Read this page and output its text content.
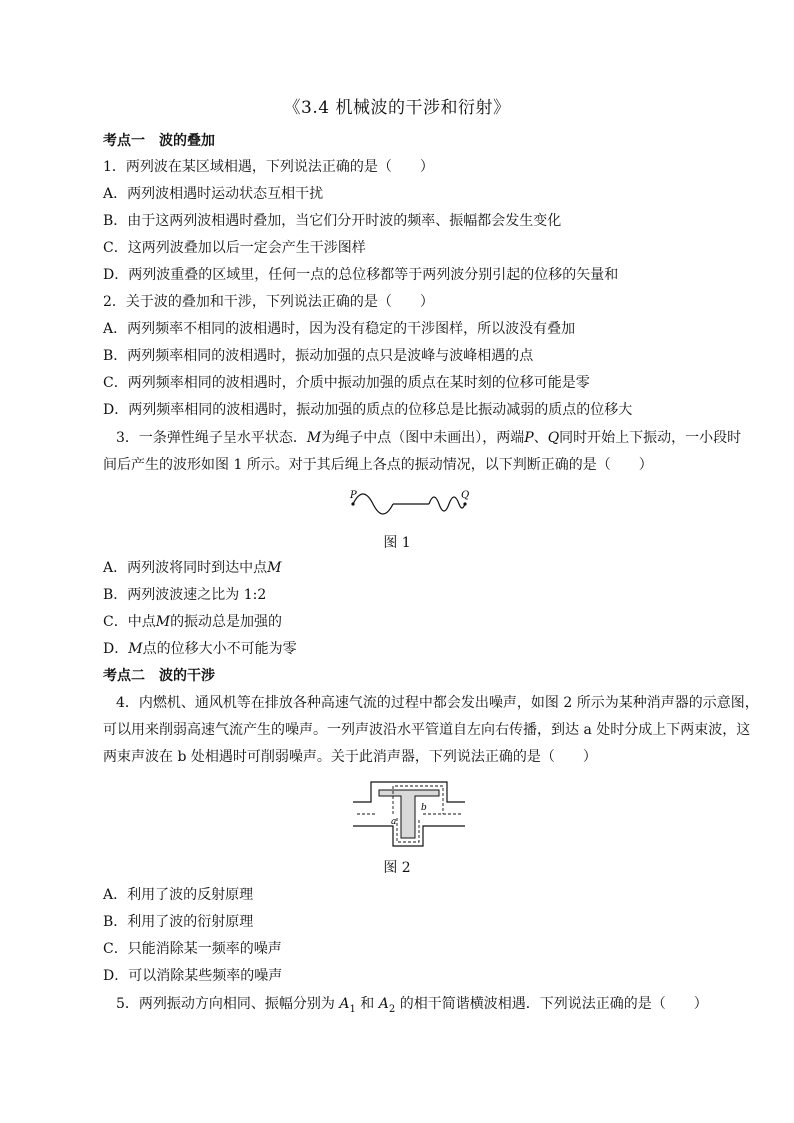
《3.4 机械波的干涉和衍射》
考点一　波的叠加
1．两列波在某区域相遇，下列说法正确的是（　　）
A．两列波相遇时运动状态互相干扰
B．由于这两列波相遇时叠加，当它们分开时波的频率、振幅都会发生变化
C．这两列波叠加以后一定会产生干涉图样
D．两列波重叠的区域里，任何一点的总位移都等于两列波分别引起的位移的矢量和
2．关于波的叠加和干涉，下列说法正确的是（　　）
A．两列频率不相同的波相遇时，因为没有稳定的干涉图样，所以波没有叠加
B．两列频率相同的波相遇时，振动加强的点只是波峰与波峰相遇的点
C．两列频率相同的波相遇时，介质中振动加强的质点在某时刻的位移可能是零
D．两列频率相同的波相遇时，振动加强的质点的位移总是比振动减弱的质点的位移大
3．一条弹性绳子呈水平状态．M为绳子中点（图中未画出），两端P、Q同时开始上下振动，一小段时
间后产生的波形如图 1 所示。对于其后绳上各点的振动情况，以下判断正确的是（　　）
P	Q
图 1
A．两列波将同时到达中点M
B．两列波波速之比为 1:2
C．中点M的振动总是加强的
D．M点的位移大小不可能为零
考点二　波的干涉
4．内燃机、通风机等在排放各种高速气流的过程中都会发出噪声，如图 2 所示为某种消声器的示意图，
可以用来削弱高速气流产生的噪声。一列声波沿水平管道自左向右传播，到达 a 处时分成上下两束波，这
两束声波在 b 处相遇时可削弱噪声。关于此消声器，下列说法正确的是（　　）
a
b
图 2
A．利用了波的反射原理
B．利用了波的衍射原理
C．只能消除某一频率的噪声
D．可以消除某些频率的噪声
5．两列振动方向相同、振幅分别为 $A_1$ 和 $A_2$ 的相干简谐横波相遇．下列说法正确的是（　　）
